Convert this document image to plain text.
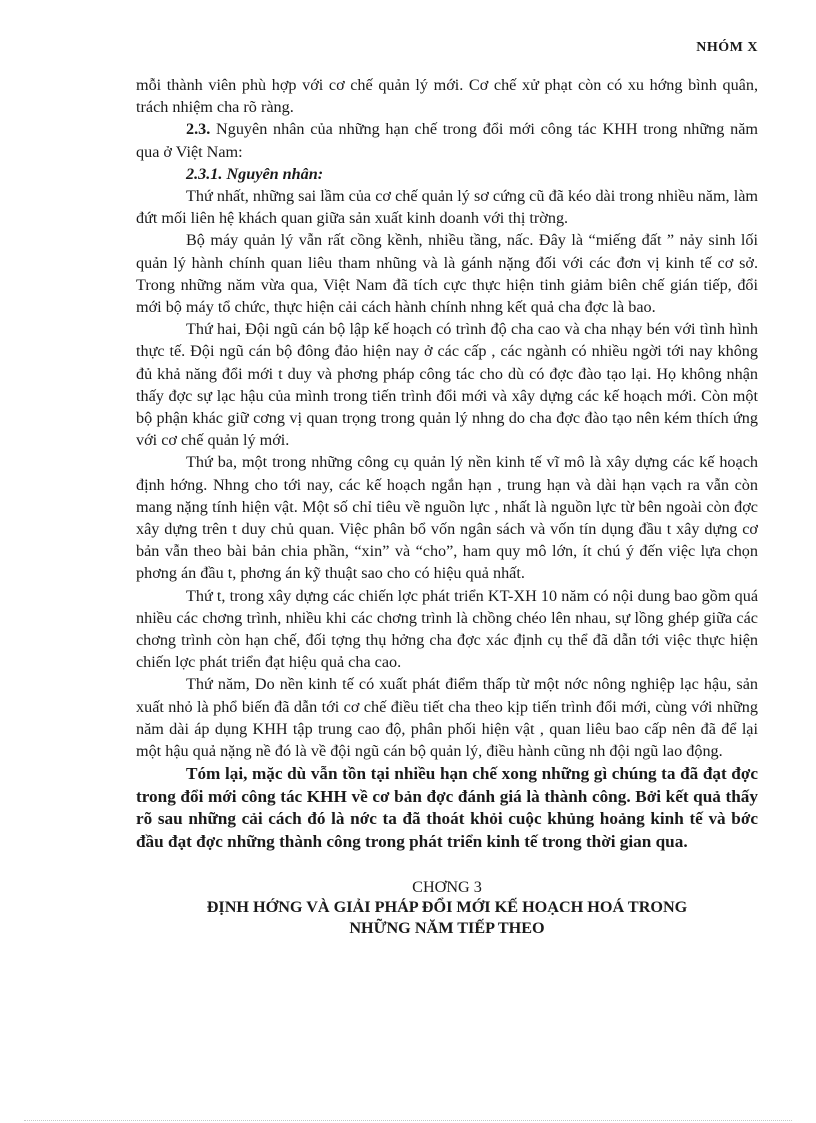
NHÓM X

mỗi thành viên phù hợp với cơ chế quản lý mới. Cơ chế xử phạt còn có xu hớng bình quân, trách nhiệm cha rõ ràng.

2.3. Nguyên nhân của những hạn chế trong đổi mới công tác KHH trong những năm qua ở Việt Nam:

2.3.1. Nguyên nhân:

Thứ nhất, những sai lầm của cơ chế quản lý sơ cứng cũ đã kéo dài trong nhiều năm, làm đứt mối liên hệ khách quan giữa sản xuất kinh doanh với thị trờng.

Bộ máy quản lý vẫn rất cồng kềnh, nhiều tầng, nấc. Đây là “miếng đất ” nảy sinh lối quản lý hành chính quan liêu tham nhũng và là gánh nặng đối với các đơn vị kinh tế cơ sở. Trong những năm vừa qua, Việt Nam đã tích cực thực hiện tinh giảm biên chế gián tiếp, đổi mới bộ máy tổ chức, thực hiện cải cách hành chính nhng kết quả cha đợc là bao.

Thứ hai, Đội ngũ cán bộ lập kế hoạch có trình độ cha cao và cha nhạy bén với tình hình thực tế. Đội ngũ cán bộ đông đảo hiện nay ở các cấp , các ngành có nhiều ngời tới nay không đủ khả năng đổi mới t duy và phơng pháp công tác cho dù có đợc đào tạo lại. Họ không nhận thấy đợc sự lạc hậu của mình trong tiến trình đổi mới và xây dựng các kế hoạch mới. Còn một bộ phận khác giữ cơng vị quan trọng trong quản lý nhng do cha đợc đào tạo nên kém thích ứng với cơ chế quản lý mới.

Thứ ba, một trong những công cụ quản lý nền kinh tế vĩ mô là xây dựng các kế hoạch định hớng. Nhng cho tới nay, các kế hoạch ngắn hạn , trung hạn và dài hạn vạch ra vẫn còn mang nặng tính hiện vật. Một số chỉ tiêu về nguồn lực , nhất là nguồn lực từ bên ngoài còn đợc xây dựng trên t duy chủ quan. Việc phân bổ vốn ngân sách và vốn tín dụng đầu t xây dựng cơ bản vẫn theo bài bản chia phần, “xin” và “cho”, ham quy mô lớn, ít chú ý đến việc lựa chọn phơng án đầu t, phơng án kỹ thuật sao cho có hiệu quả nhất.

Thứ t, trong xây dựng các chiến lợc phát triển KT-XH 10 năm có nội dung bao gồm quá nhiều các chơng trình, nhiều khi các chơng trình là chồng chéo lên nhau, sự lồng ghép giữa các chơng trình còn hạn chế, đối tợng thụ hởng cha đợc xác định cụ thể đã dẫn tới việc thực hiện chiến lợc phát triển đạt hiệu quả cha cao.

Thứ năm, Do nền kinh tế có xuất phát điểm thấp từ một nớc nông nghiệp lạc hậu, sản xuất nhỏ là phổ biến đã dẫn tới cơ chế điều tiết cha theo kịp tiến trình đổi mới, cùng với những năm dài áp dụng KHH tập trung cao độ, phân phối hiện vật , quan liêu bao cấp nên đã để lại một hậu quả nặng nề đó là về đội ngũ cán bộ quản lý, điều hành cũng nh đội ngũ lao động.

Tóm lại, mặc dù vẫn tồn tại nhiều hạn chế xong những gì chúng ta đã đạt đợc trong đổi mới công tác KHH về cơ bản đợc đánh giá là thành công. Bởi kết quả thấy rõ sau những cải cách đó là nớc ta đã thoát khỏi cuộc khủng hoảng kinh tế và bớc đầu đạt đợc những thành công trong phát triển kinh tế trong thời gian qua.

CHƠNG 3
ĐỊNH HỚNG VÀ GIẢI PHÁP ĐỔI MỚI KẾ HOẠCH HOÁ TRONG
NHỮNG NĂM TIẾP THEO
